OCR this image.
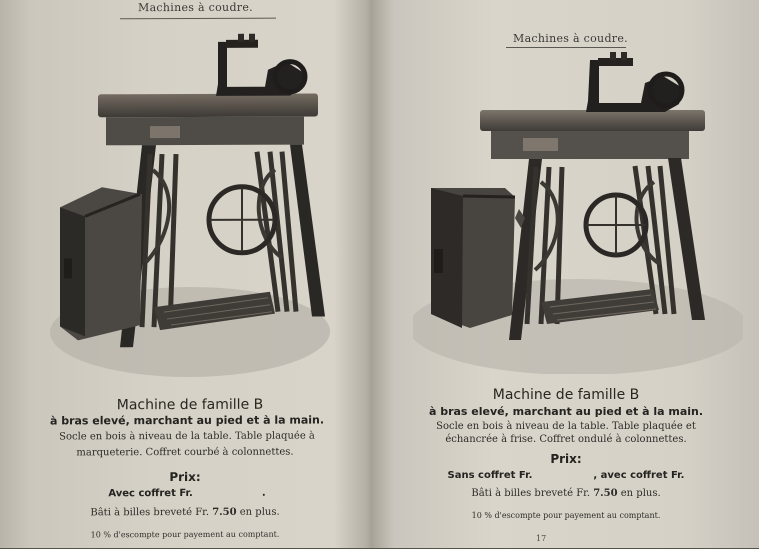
Machines à coudre.
Machine de famille B
à bras elevé, marchant au pied et à la main.
Socle en bois à niveau de la table. Table plaquée à
marqueterie. Coffret courbé à colonnettes.
Prix:
Avec coffret Fr.	.
Bâti à billes breveté Fr. 7.50 en plus.
10 % d'escompte pour payement au comptant.
Machines à coudre.
Machine de famille B
à bras elevé, marchant au pied et à la main.
Socle en bois à niveau de la table. Table plaquée et
échancrée à frise. Coffret ondulé à colonnettes.
Prix:
Sans coffret Fr.	, avec coffret Fr.
Bâti à billes breveté Fr. 7.50 en plus.
10 % d'escompte pour payement au comptant.
17
